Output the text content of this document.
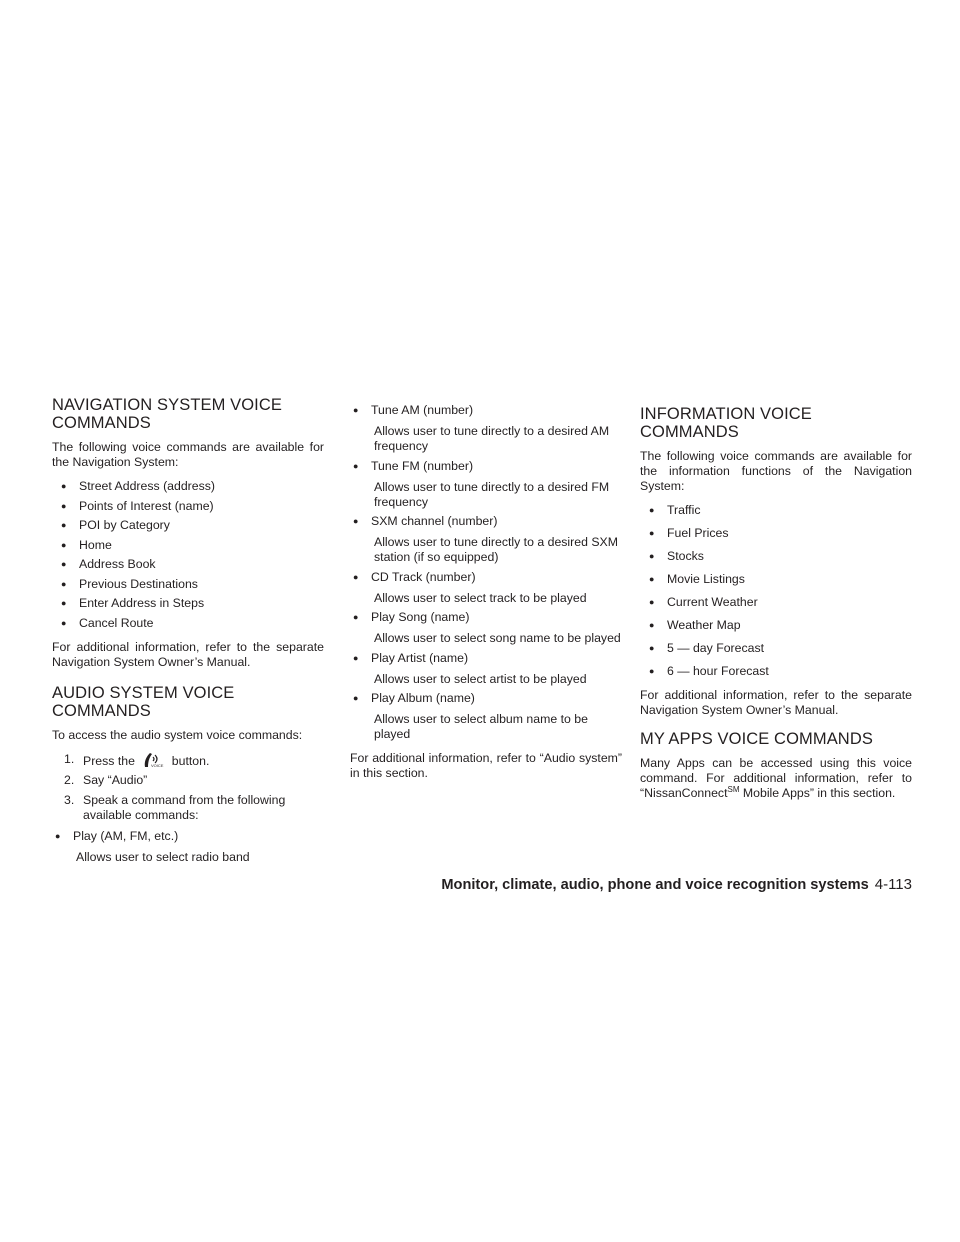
NAVIGATION SYSTEM VOICE COMMANDS

The following voice commands are available for the Navigation System:

● Street Address (address)
● Points of Interest (name)
● POI by Category
● Home
● Address Book
● Previous Destinations
● Enter Address in Steps
● Cancel Route

For additional information, refer to the separate Navigation System Owner’s Manual.

AUDIO SYSTEM VOICE COMMANDS

To access the audio system voice commands:

1. Press the	VOICE button.
2. Say “Audio”
3. Speak a command from the following available commands:
● Play (AM, FM, etc.)
Allows user to select radio band
● Tune AM (number)
Allows user to tune directly to a desired AM frequency
● Tune FM (number)
Allows user to tune directly to a desired FM frequency
● SXM channel (number)
Allows user to tune directly to a desired SXM station (if so equipped)
● CD Track (number)
Allows user to select track to be played
● Play Song (name)
Allows user to select song name to be played
● Play Artist (name)
Allows user to select artist to be played
● Play Album (name)
Allows user to select album name to be played

For additional information, refer to “Audio system” in this section.

INFORMATION VOICE COMMANDS

The following voice commands are available for the information functions of the Navigation System:

● Traffic
● Fuel Prices
● Stocks
● Movie Listings
● Current Weather
● Weather Map
● 5 — day Forecast
● 6 — hour Forecast

For additional information, refer to the separate Navigation System Owner’s Manual.

MY APPS VOICE COMMANDS

Many Apps can be accessed using this voice command. For additional information, refer to “NissanConnect℠ Mobile Apps” in this section.

Monitor, climate, audio, phone and voice recognition systems 4-113
